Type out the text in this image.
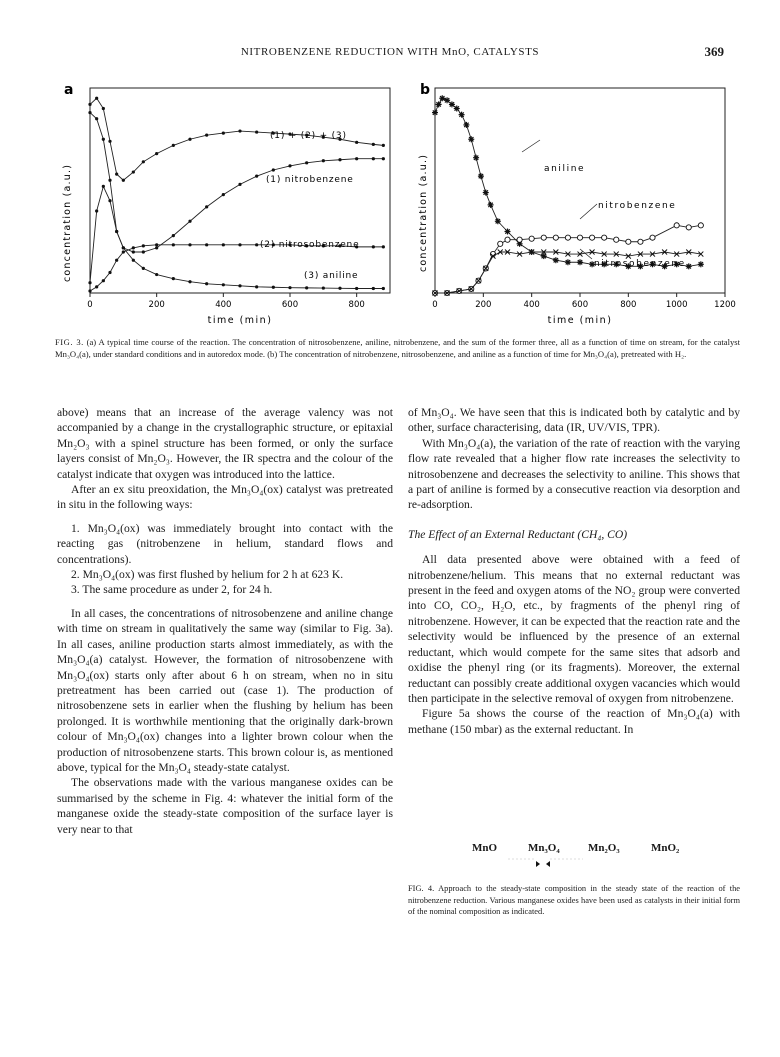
NITROBENZENE REDUCTION WITH MnO, CATALYSTS	369
a
concentration (a.u.)
time (min)
0	200	400	600	800
(1) + (2) + (3)
(1) nitrobenzene
(2) nitrosobenzene
(3) aniline
b
concentration (a.u.)
time (min)
0	200	400	600	800	1000	1200
aniline
nitrobenzene
nitrosobenzene
FIG. 3. (a) A typical time course of the reaction. The concentration of nitrosobenzene, aniline, nitrobenzene, and the sum of the former three, all as a function of time on stream, for the catalyst Mn₃O₄(a), under standard conditions and in autoredox mode. (b) The concentration of nitrobenzene, nitrosobenzene, and aniline as a function of time for Mn₃O₄(a), pretreated with H₂.

above) means that an increase of the average valency was not accompanied by a change in the crystallographic structure, or epitaxial Mn₂O₃ with a spinel structure has been formed, or only the surface layers consist of Mn₂O₃. However, the IR spectra and the colour of the catalyst indicate that oxygen was introduced into the lattice.

After an ex situ preoxidation, the Mn₃O₄(ox) catalyst was pretreated in situ in the following ways:

1. Mn₃O₄(ox) was immediately brought into contact with the reacting gas (nitrobenzene in helium, standard flows and concentrations).

2. Mn₃O₄(ox) was first flushed by helium for 2 h at 623 K.

3. The same procedure as under 2, for 24 h.

In all cases, the concentrations of nitrosobenzene and aniline change with time on stream in qualitatively the same way (similar to Fig. 3a). In all cases, aniline production starts almost immediately, as with the Mn₃O₄(a) catalyst. However, the formation of nitrosobenzene with Mn₃O₄(ox) starts only after about 6 h on stream, when no in situ pretreatment has been carried out (case 1). The production of nitrosobenzene sets in earlier when the flushing by helium has been prolonged. It is worthwhile mentioning that the originally dark-brown colour of Mn₃O₄(ox) changes into a lighter brown colour when the production of nitrosobenzene starts. This brown colour is, as mentioned above, typical for the Mn₃O₄ steady-state catalyst.

The observations made with the various manganese oxides can be summarised by the scheme in Fig. 4: whatever the initial form of the manganese oxide the steady-state composition of the surface layer is very near to that

of Mn₃O₄. We have seen that this is indicated both by catalytic and by other, surface characterising, data (IR, UV/VIS, TPR).

With Mn₃O₄(a), the variation of the rate of reaction with the varying flow rate revealed that a higher flow rate increases the selectivity to nitrosobenzene and decreases the selectivity to aniline. This shows that a part of aniline is formed by a consecutive reaction via desorption and re-adsorption.

The Effect of an External Reductant (CH₄, CO)

All data presented above were obtained with a feed of nitrobenzene/helium. This means that no external reductant was present in the feed and oxygen atoms of the NO₂ group were converted into CO, CO₂, H₂O, etc., by fragments of the phenyl ring of nitrobenzene. However, it can be expected that the reaction rate and the selectivity would be influenced by the presence of an external reductant, which would compete for the same sites that adsorb and oxidise the phenyl ring (or its fragments). Moreover, the external reductant can possibly create additional oxygen vacancies which would then participate in the selective removal of oxygen from nitrobenzene.

Figure 5a shows the course of the reaction of Mn₃O₄(a) with methane (150 mbar) as the external reductant. In

MnO	Mn₃O₄	Mn₂O₃	MnO₂
FIG. 4. Approach to the steady-state composition in the steady state of the reaction of the nitrobenzene reduction. Various manganese oxides have been used as catalysts in their initial form of the nominal composition as indicated.
